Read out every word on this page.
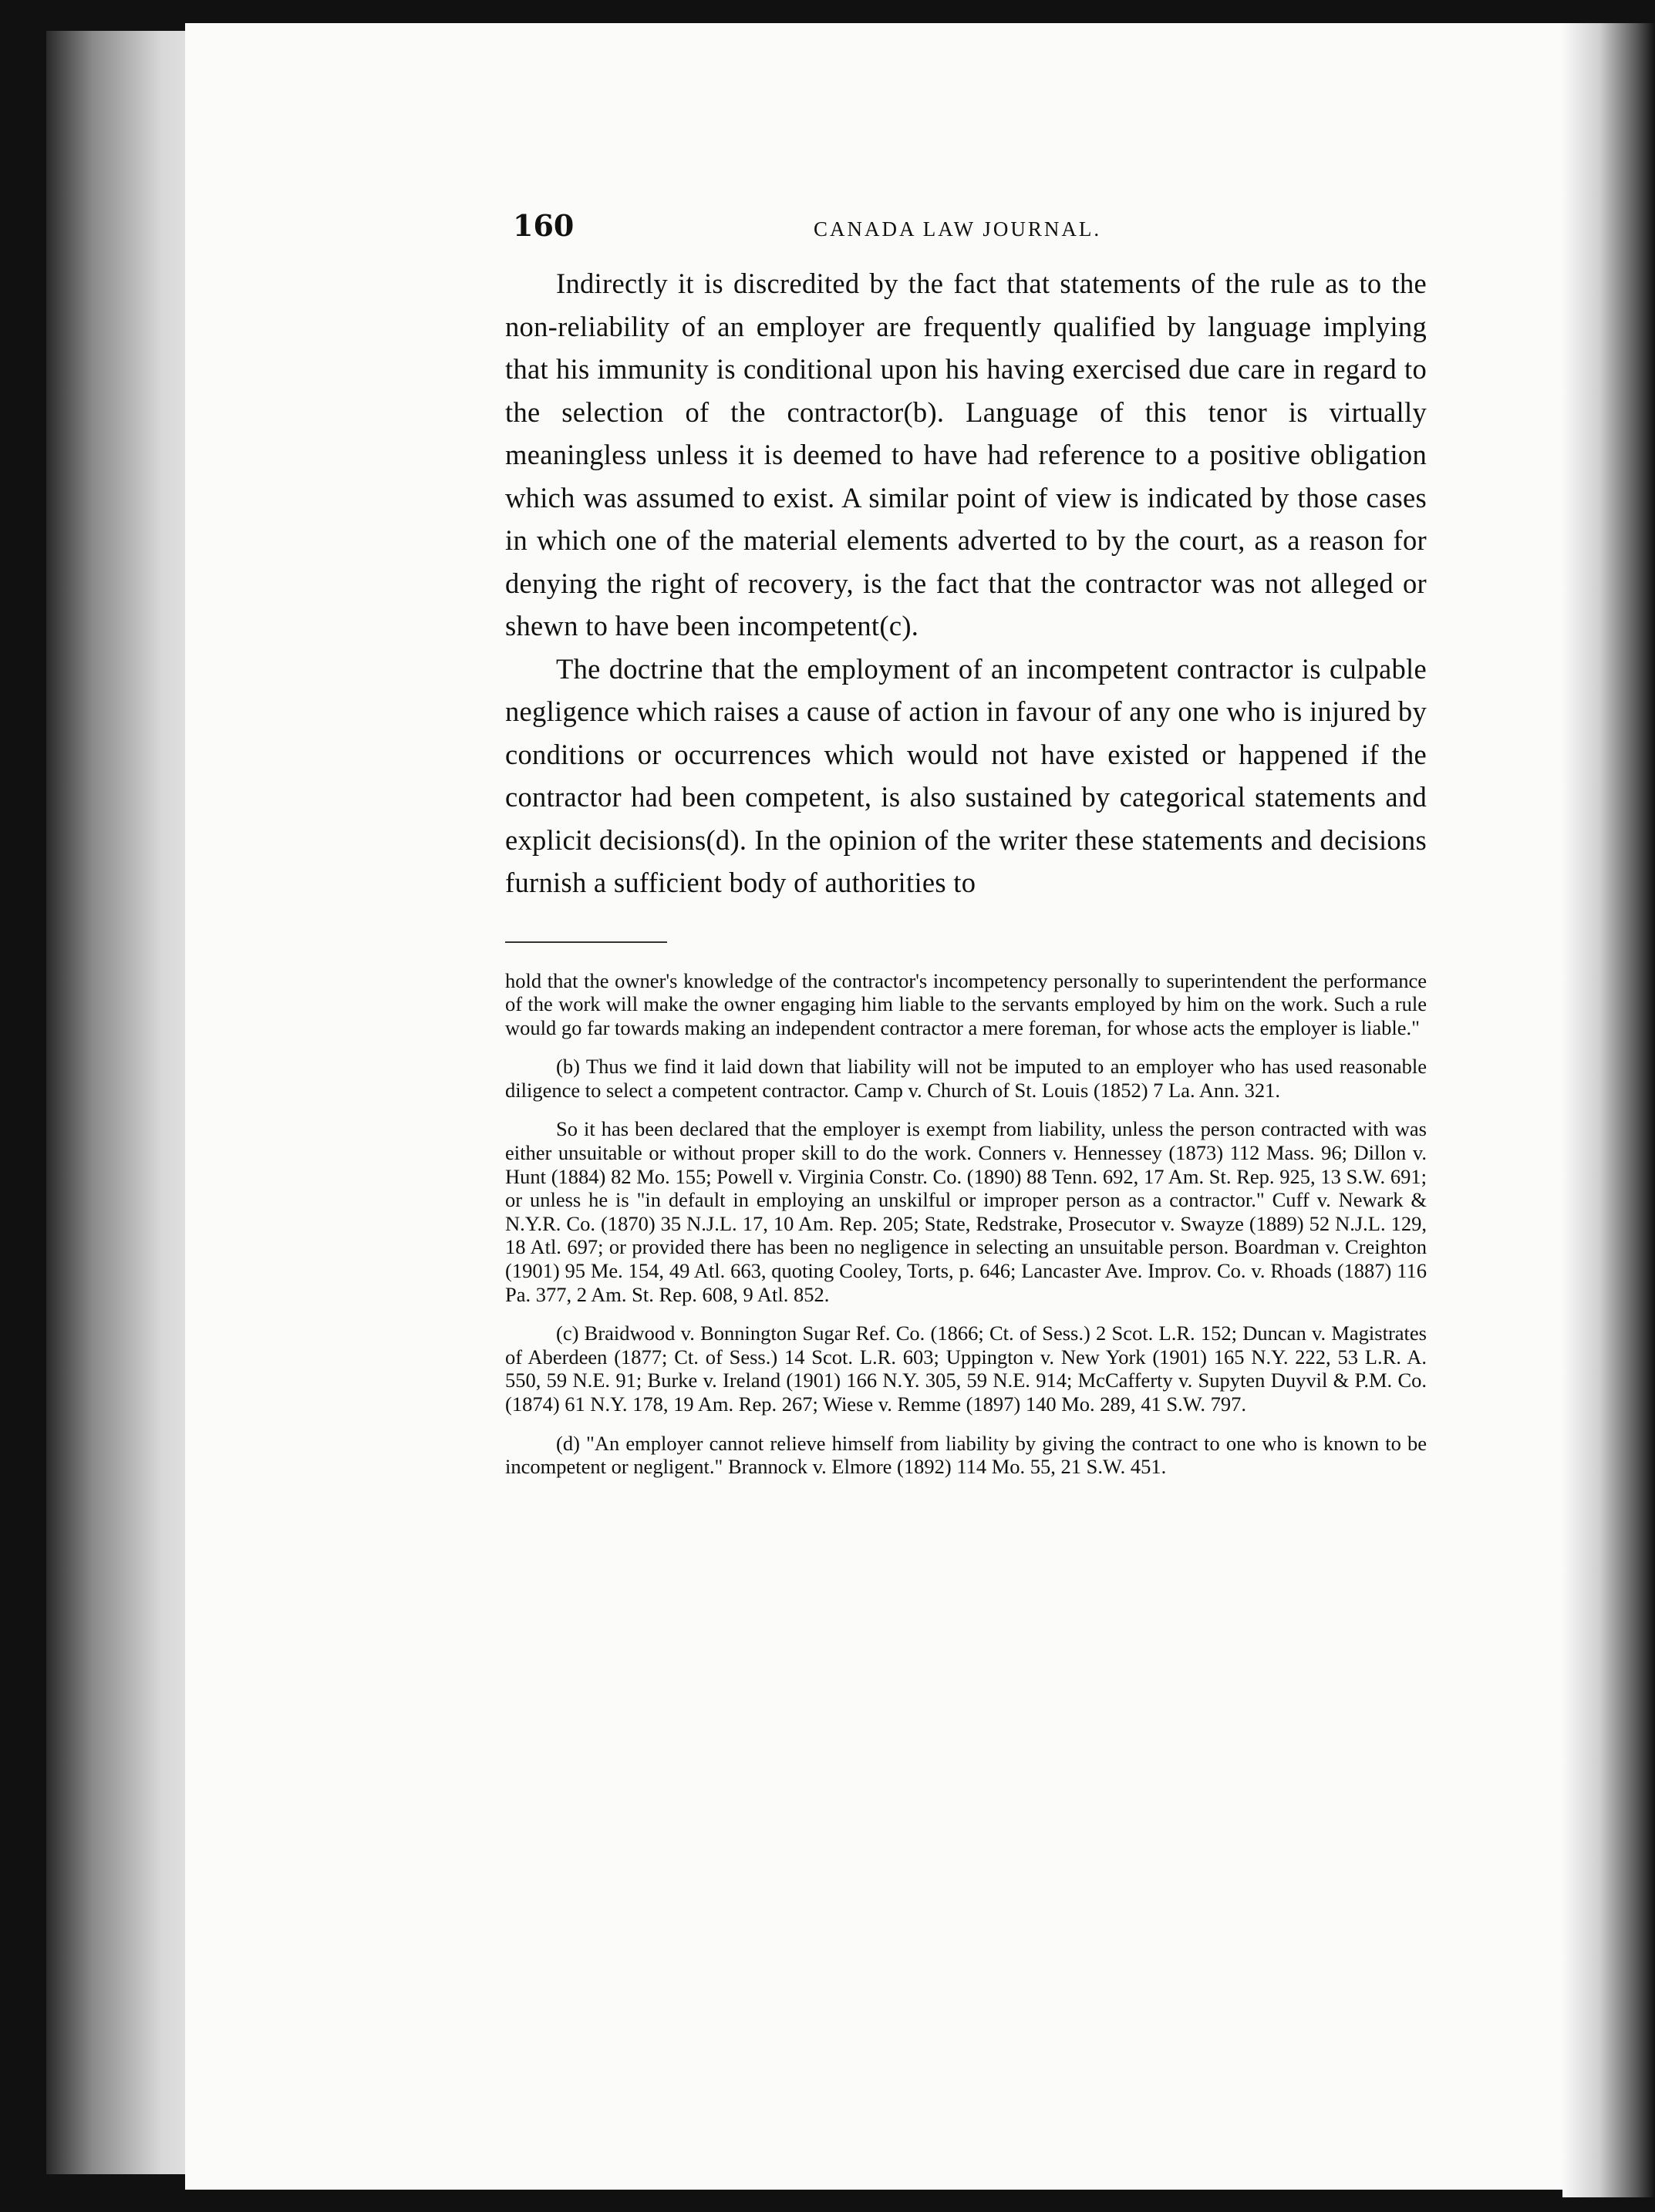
160	CANADA LAW JOURNAL.

Indirectly it is discredited by the fact that statements of the rule as to the non-reliability of an employer are frequently qualified by language implying that his immunity is conditional upon his having exercised due care in regard to the selection of the contractor(b). Language of this tenor is virtually meaningless unless it is deemed to have had reference to a positive obligation which was assumed to exist. A similar point of view is indicated by those cases in which one of the material elements adverted to by the court, as a reason for denying the right of recovery, is the fact that the contractor was not alleged or shewn to have been incompetent(c).

The doctrine that the employment of an incompetent contractor is culpable negligence which raises a cause of action in favour of any one who is injured by conditions or occurrences which would not have existed or happened if the contractor had been competent, is also sustained by categorical statements and explicit decisions(d). In the opinion of the writer these statements and decisions furnish a sufficient body of authorities to

hold that the owner's knowledge of the contractor's incompetency personally to superintendent the performance of the work will make the owner engaging him liable to the servants employed by him on the work. Such a rule would go far towards making an independent contractor a mere foreman, for whose acts the employer is liable."

(b) Thus we find it laid down that liability will not be imputed to an employer who has used reasonable diligence to select a competent contractor. Camp v. Church of St. Louis (1852) 7 La. Ann. 321.

So it has been declared that the employer is exempt from liability, unless the person contracted with was either unsuitable or without proper skill to do the work. Conners v. Hennessey (1873) 112 Mass. 96; Dillon v. Hunt (1884) 82 Mo. 155; Powell v. Virginia Constr. Co. (1890) 88 Tenn. 692, 17 Am. St. Rep. 925, 13 S.W. 691; or unless he is "in default in employing an unskilful or improper person as a contractor." Cuff v. Newark & N.Y.R. Co. (1870) 35 N.J.L. 17, 10 Am. Rep. 205; State, Redstrake, Prosecutor v. Swayze (1889) 52 N.J.L. 129, 18 Atl. 697; or provided there has been no negligence in selecting an unsuitable person. Boardman v. Creighton (1901) 95 Me. 154, 49 Atl. 663, quoting Cooley, Torts, p. 646; Lancaster Ave. Improv. Co. v. Rhoads (1887) 116 Pa. 377, 2 Am. St. Rep. 608, 9 Atl. 852.

(c) Braidwood v. Bonnington Sugar Ref. Co. (1866; Ct. of Sess.) 2 Scot. L.R. 152; Duncan v. Magistrates of Aberdeen (1877; Ct. of Sess.) 14 Scot. L.R. 603; Uppington v. New York (1901) 165 N.Y. 222, 53 L.R. A. 550, 59 N.E. 91; Burke v. Ireland (1901) 166 N.Y. 305, 59 N.E. 914; McCafferty v. Supyten Duyvil & P.M. Co. (1874) 61 N.Y. 178, 19 Am. Rep. 267; Wiese v. Remme (1897) 140 Mo. 289, 41 S.W. 797.

(d) "An employer cannot relieve himself from liability by giving the contract to one who is known to be incompetent or negligent." Brannock v. Elmore (1892) 114 Mo. 55, 21 S.W. 451.
